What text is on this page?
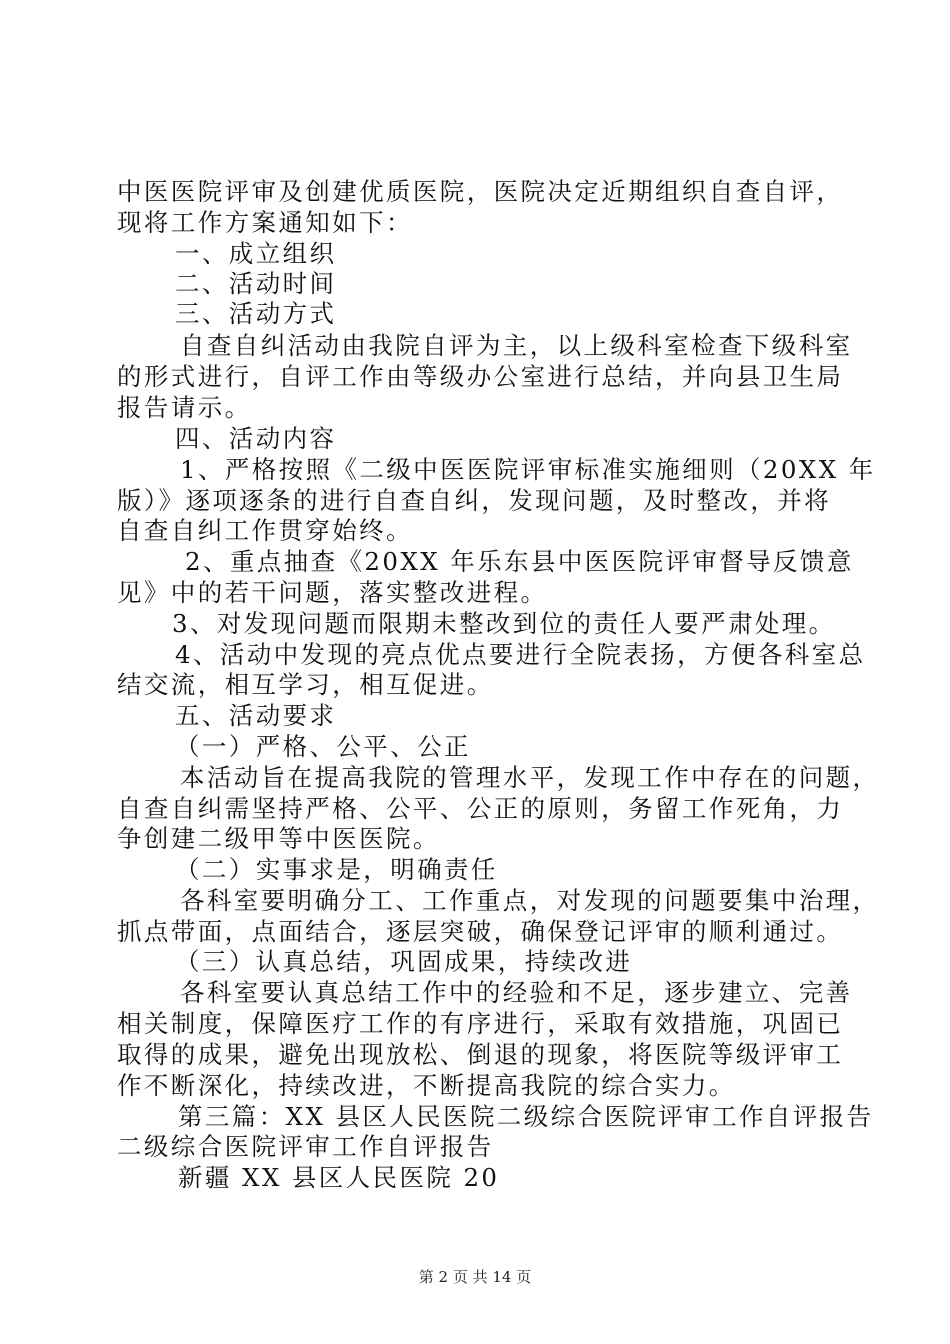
中医医院评审及创建优质医院，医院决定近期组织自查自评，
现将工作方案通知如下：
一、成立组织
二、活动时间
三、活动方式
自查自纠活动由我院自评为主，以上级科室检查下级科室
的形式进行，自评工作由等级办公室进行总结，并向县卫生局
报告请示。
四、活动内容
1、严格按照《二级中医医院评审标准实施细则（20XX 年
版）》逐项逐条的进行自查自纠，发现问题，及时整改，并将
自查自纠工作贯穿始终。
2、重点抽查《20XX 年乐东县中医医院评审督导反馈意
见》中的若干问题，落实整改进程。
3、对发现问题而限期未整改到位的责任人要严肃处理。
4、活动中发现的亮点优点要进行全院表扬，方便各科室总
结交流，相互学习，相互促进。
五、活动要求
（一）严格、公平、公正
本活动旨在提高我院的管理水平，发现工作中存在的问题，
自查自纠需坚持严格、公平、公正的原则，务留工作死角，力
争创建二级甲等中医医院。
（二）实事求是，明确责任
各科室要明确分工、工作重点，对发现的问题要集中治理，
抓点带面，点面结合，逐层突破，确保登记评审的顺利通过。
（三）认真总结，巩固成果，持续改进
各科室要认真总结工作中的经验和不足，逐步建立、完善
相关制度，保障医疗工作的有序进行，采取有效措施，巩固已
取得的成果，避免出现放松、倒退的现象，将医院等级评审工
作不断深化，持续改进，不断提高我院的综合实力。
第三篇：XX 县区人民医院二级综合医院评审工作自评报告
二级综合医院评审工作自评报告
新疆 XX 县区人民医院 20
第 2 页 共 14 页
